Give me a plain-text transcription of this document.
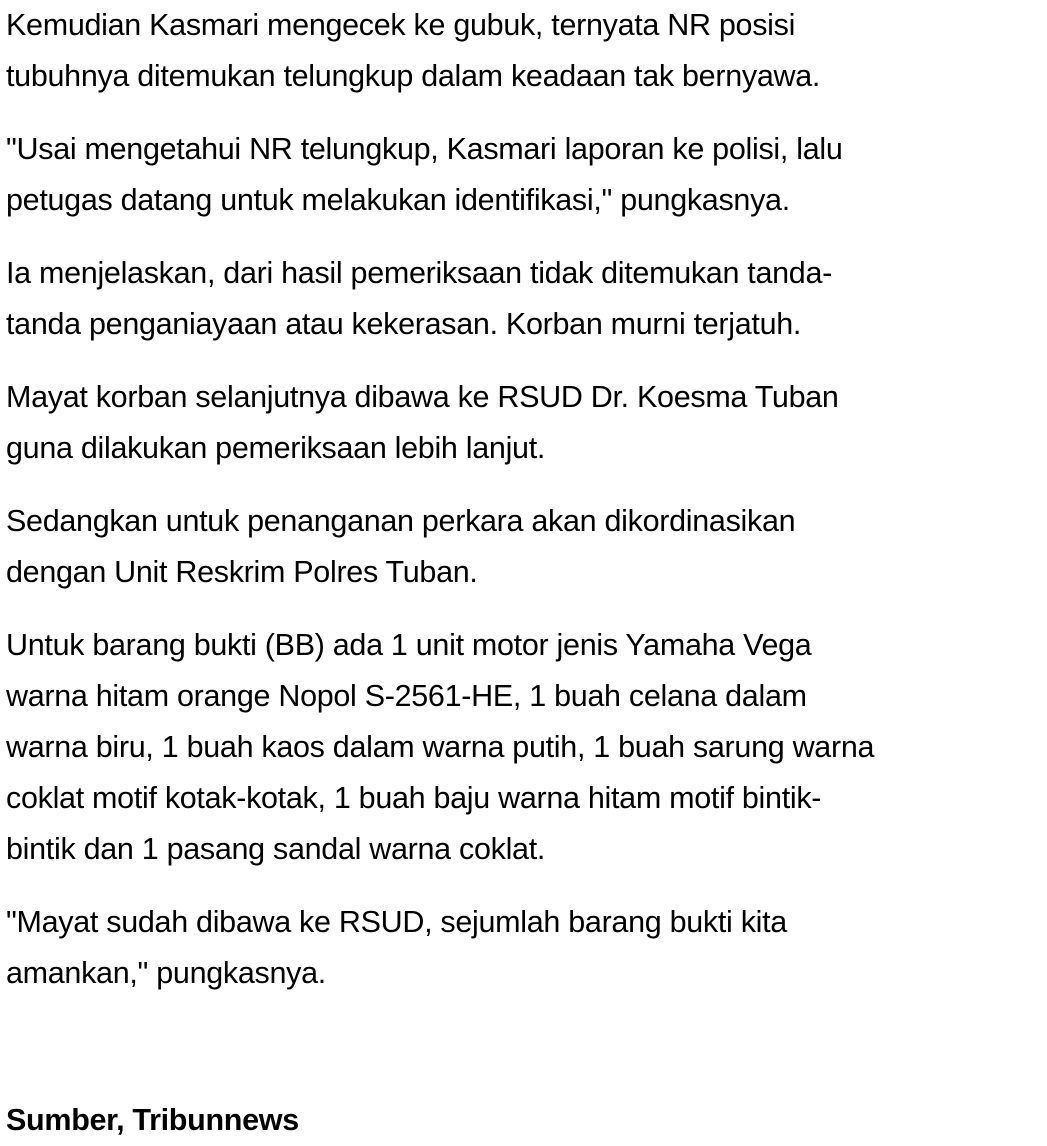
Kemudian Kasmari mengecek ke gubuk, ternyata NR posisi
tubuhnya ditemukan telungkup dalam keadaan tak bernyawa.

"Usai mengetahui NR telungkup, Kasmari laporan ke polisi, lalu
petugas datang untuk melakukan identifikasi," pungkasnya.

Ia menjelaskan, dari hasil pemeriksaan tidak ditemukan tanda-
tanda penganiayaan atau kekerasan. Korban murni terjatuh.

Mayat korban selanjutnya dibawa ke RSUD Dr. Koesma Tuban
guna dilakukan pemeriksaan lebih lanjut.

Sedangkan untuk penanganan perkara akan dikordinasikan
dengan Unit Reskrim Polres Tuban.

Untuk barang bukti (BB) ada 1 unit motor jenis Yamaha Vega
warna hitam orange Nopol S-2561-HE, 1 buah celana dalam
warna biru, 1 buah kaos dalam warna putih, 1 buah sarung warna
coklat motif kotak-kotak, 1 buah baju warna hitam motif bintik-
bintik dan 1 pasang sandal warna coklat.

"Mayat sudah dibawa ke RSUD, sejumlah barang bukti kita
amankan," pungkasnya.

Sumber, Tribunnews
